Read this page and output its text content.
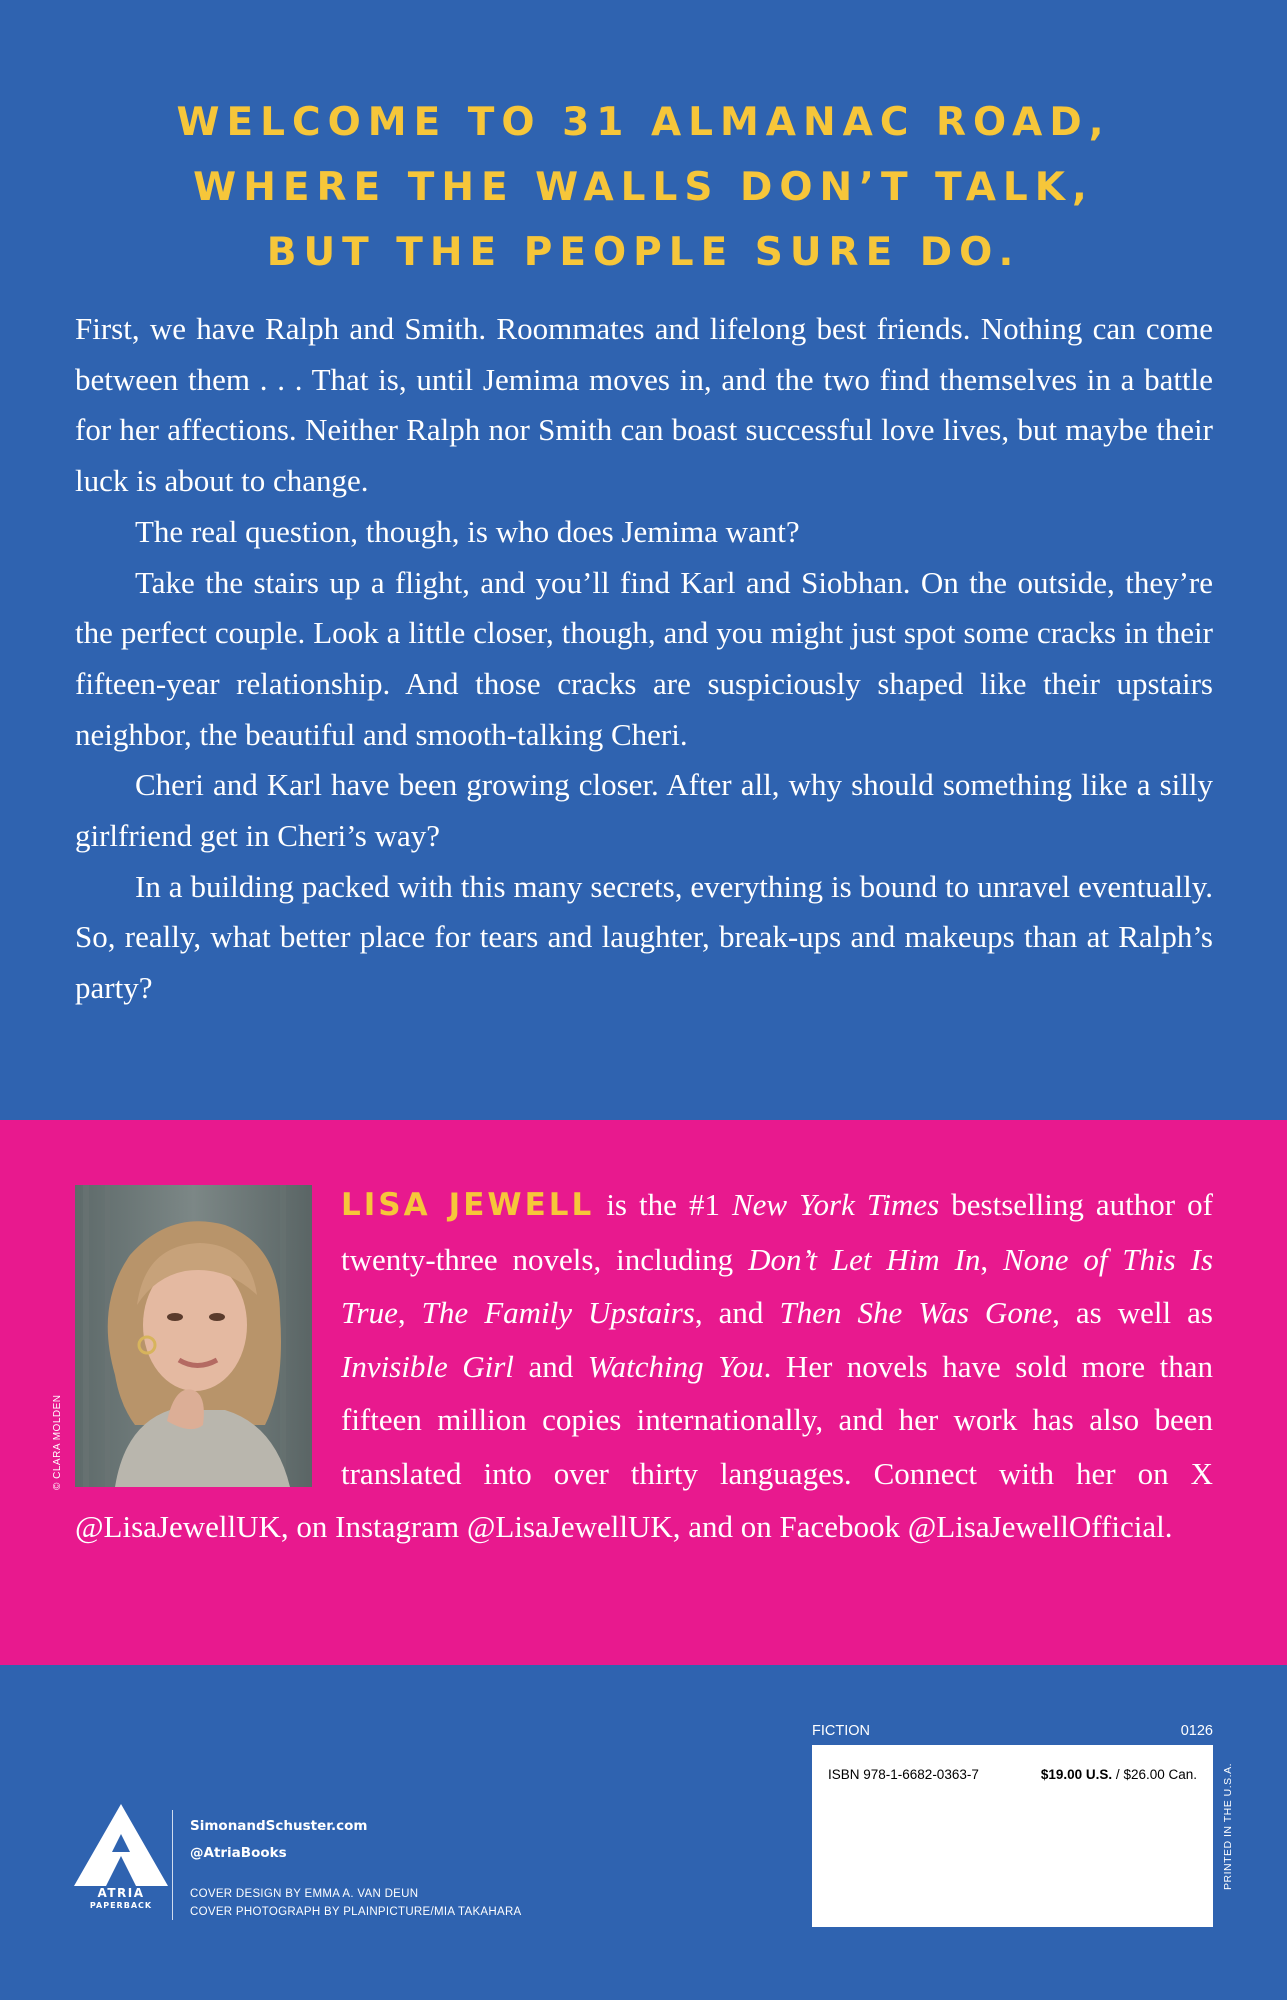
WELCOME TO 31 ALMANAC ROAD,
WHERE THE WALLS DON’T TALK,
BUT THE PEOPLE SURE DO.

First, we have Ralph and Smith. Roommates and lifelong best friends. Nothing can come between them . . . That is, until Jemima moves in, and the two find themselves in a battle for her affections. Neither Ralph nor Smith can boast successful love lives, but maybe their luck is about to change.

The real question, though, is who does Jemima want?

Take the stairs up a flight, and you’ll find Karl and Siobhan. On the outside, they’re the perfect couple. Look a little closer, though, and you might just spot some cracks in their fifteen-year relationship. And those cracks are suspiciously shaped like their upstairs neighbor, the beautiful and smooth-talking Cheri.

Cheri and Karl have been growing closer. After all, why should something like a silly girlfriend get in Cheri’s way?

In a building packed with this many secrets, everything is bound to unravel eventually. So, really, what better place for tears and laughter, break-ups and makeups than at Ralph’s party?

LISA JEWELL is the #1 New York Times bestselling author of twenty-three novels, including Don’t Let Him In, None of This Is True, The Family Upstairs, and Then She Was Gone, as well as Invisible Girl and Watching You. Her novels have sold more than fifteen million copies internationally, and her work has also been translated into over thirty languages. Connect with her on X @LisaJewellUK, on Instagram @LisaJewellUK, and on Facebook @LisaJewellOfficial.

ATRIA
PAPERBACK
SimonandSchuster.com
@AtriaBooks
COVER DESIGN BY EMMA A. VAN DEUN
COVER PHOTOGRAPH BY PLAINPICTURE/MIA TAKAHARA
FICTION	0126
ISBN 978-1-6682-0363-7	$19.00 U.S. / $26.00 Can. PRINTED IN THE U.S.A.
